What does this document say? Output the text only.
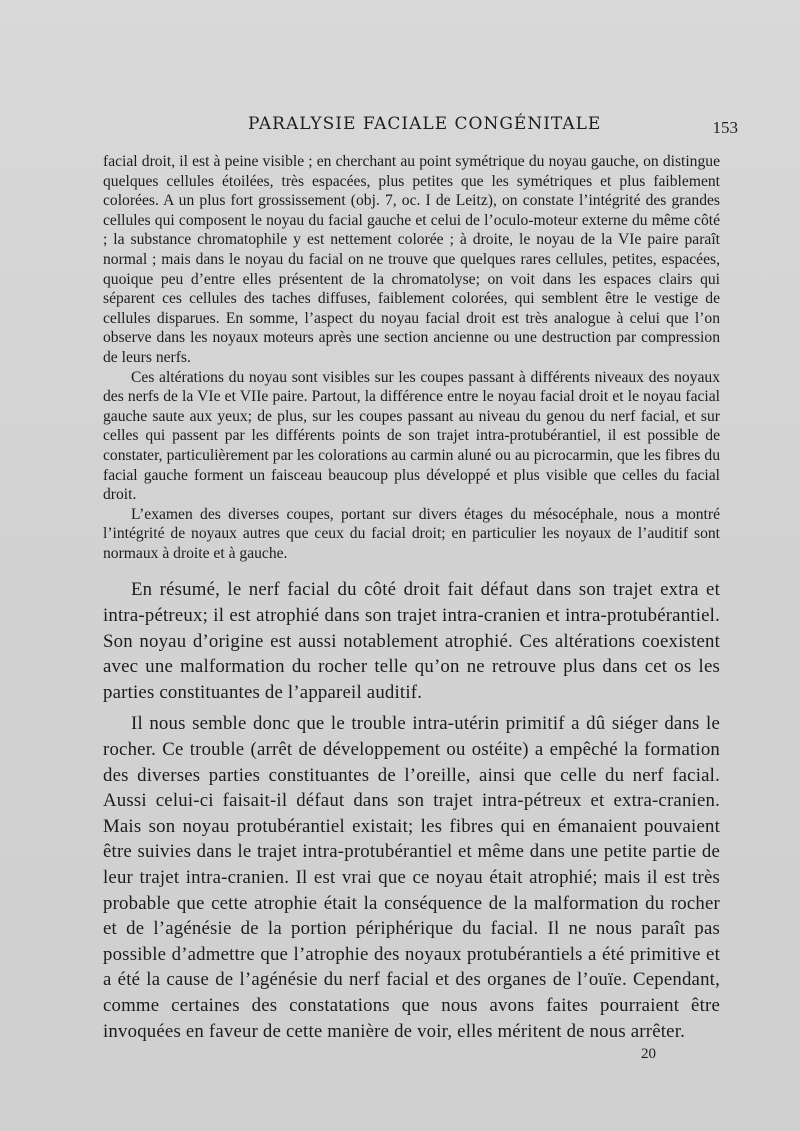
PARALYSIE FACIALE CONGÉNITALE	153

facial droit, il est à peine visible ; en cherchant au point symétrique du noyau gauche, on distingue quelques cellules étoilées, très espacées, plus petites que les symétriques et plus faiblement colorées. A un plus fort grossissement (obj. 7, oc. I de Leitz), on constate l’intégrité des grandes cellules qui composent le noyau du facial gauche et celui de l’oculo-moteur externe du même côté ; la substance chromatophile y est nettement colorée ; à droite, le noyau de la VIe paire paraît normal ; mais dans le noyau du facial on ne trouve que quelques rares cellules, petites, espacées, quoique peu d’entre elles présentent de la chromatolyse; on voit dans les espaces clairs qui séparent ces cellules des taches diffuses, faiblement colorées, qui semblent être le vestige de cellules disparues. En somme, l’aspect du noyau facial droit est très analogue à celui que l’on observe dans les noyaux moteurs après une section ancienne ou une destruction par compression de leurs nerfs.

Ces altérations du noyau sont visibles sur les coupes passant à différents niveaux des noyaux des nerfs de la VIe et VIIe paire. Partout, la différence entre le noyau facial droit et le noyau facial gauche saute aux yeux; de plus, sur les coupes passant au niveau du genou du nerf facial, et sur celles qui passent par les différents points de son trajet intra-protubérantiel, il est possible de constater, particulièrement par les colorations au carmin aluné ou au picrocarmin, que les fibres du facial gauche forment un faisceau beaucoup plus développé et plus visible que celles du facial droit.

L’examen des diverses coupes, portant sur divers étages du mésocéphale, nous a montré l’intégrité de noyaux autres que ceux du facial droit; en particulier les noyaux de l’auditif sont normaux à droite et à gauche.

En résumé, le nerf facial du côté droit fait défaut dans son trajet extra et intra-pétreux; il est atrophié dans son trajet intra-cranien et intra-protubérantiel. Son noyau d’origine est aussi notablement atrophié. Ces altérations coexistent avec une malformation du rocher telle qu’on ne retrouve plus dans cet os les parties constituantes de l’appareil auditif.

Il nous semble donc que le trouble intra-utérin primitif a dû siéger dans le rocher. Ce trouble (arrêt de développement ou ostéite) a empêché la formation des diverses parties constituantes de l’oreille, ainsi que celle du nerf facial. Aussi celui-ci faisait-il défaut dans son trajet intra-pétreux et extra-cranien. Mais son noyau protubérantiel existait; les fibres qui en émanaient pouvaient être suivies dans le trajet intra-protubérantiel et même dans une petite partie de leur trajet intra-cranien. Il est vrai que ce noyau était atrophié; mais il est très probable que cette atrophie était la conséquence de la malformation du rocher et de l’agénésie de la portion périphérique du facial. Il ne nous paraît pas possible d’admettre que l’atrophie des noyaux protubérantiels a été primitive et a été la cause de l’agénésie du nerf facial et des organes de l’ouïe. Cependant, comme certaines des constatations que nous avons faites pourraient être invoquées en faveur de cette manière de voir, elles méritent de nous arrêter.

20
